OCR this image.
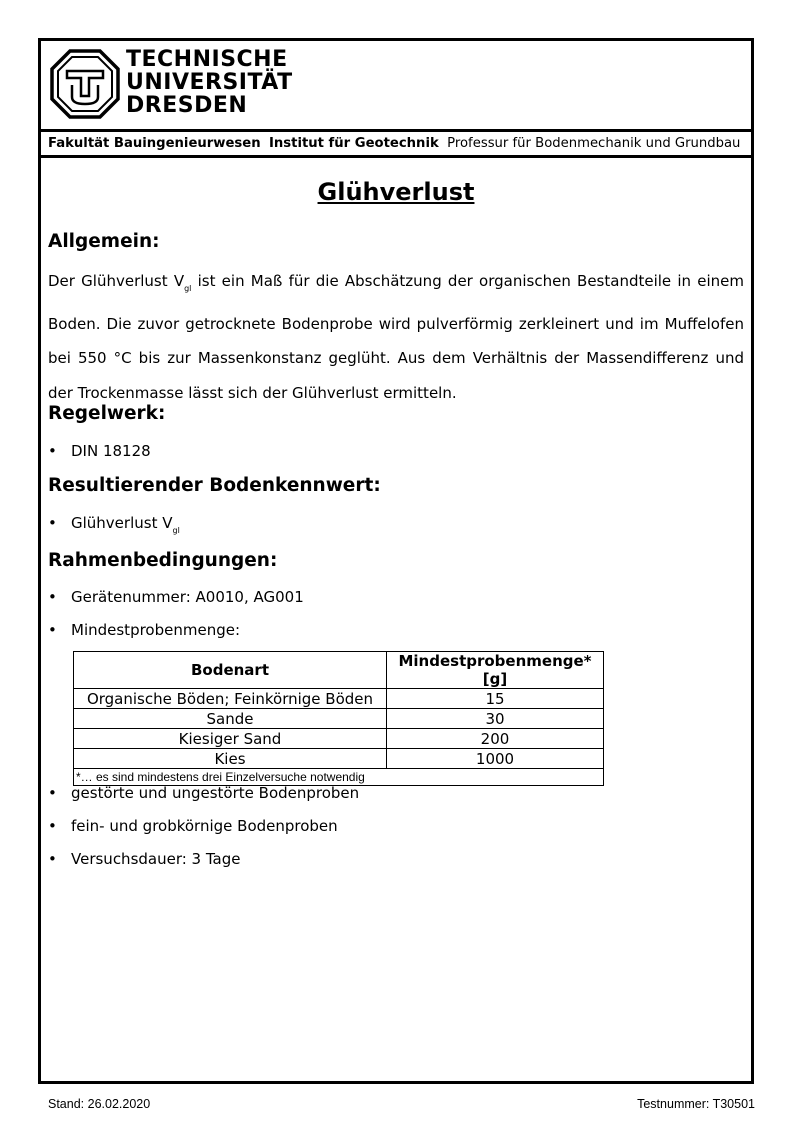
TECHNISCHE
UNIVERSITÄT
DRESDEN
Fakultät Bauingenieurwesen Institut für Geotechnik Professur für Bodenmechanik und Grundbau
Glühverlust
Allgemein:
Der Glühverlust $V_{gl}$ ist ein Maß für die Abschätzung der organischen Bestandteile in einem Boden. Die zuvor getrocknete Bodenprobe wird pulverförmig zerkleinert und im Muffelofen bei 550 °C bis zur Massenkonstanz geglüht. Aus dem Verhältnis der Massendifferenz und der Trockenmasse lässt sich der Glühverlust ermitteln.
Regelwerk:
• DIN 18128
Resultierender Bodenkennwert:
• Glühverlust $V_{gl}$
Rahmenbedingungen:
• Gerätenummer: A0010, AG001
• Mindestprobenmenge:
Bodenart	Mindestprobenmenge* [g]
Organische Böden; Feinkörnige Böden	15
Sande	30
Kiesiger Sand	200
Kies	1000
*… es sind mindestens drei Einzelversuche notwendig	
• gestörte und ungestörte Bodenproben
• fein- und grobkörnige Bodenproben
• Versuchsdauer: 3 Tage
Stand: 26.02.2020	Testnummer: T30501
